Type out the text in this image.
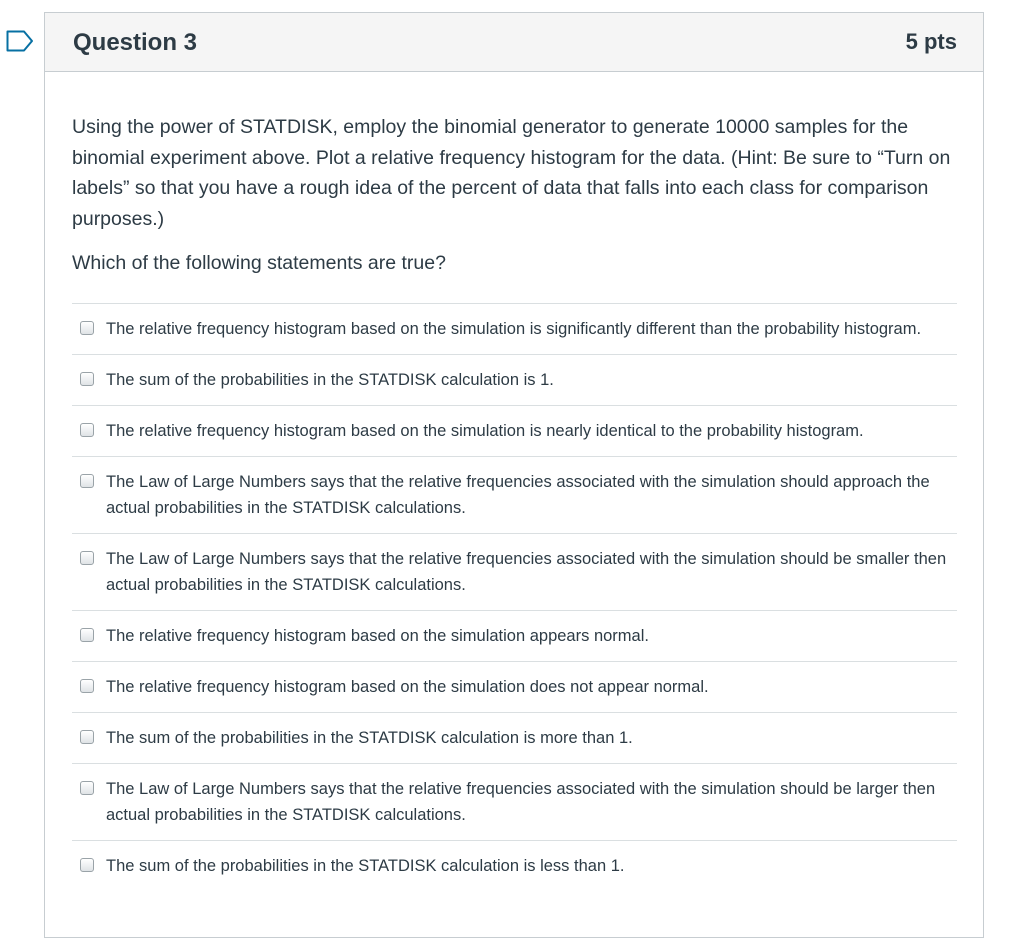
Question 3	5 pts

Using the power of STATDISK, employ the binomial generator to generate 10000 samples for the binomial experiment above. Plot a relative frequency histogram for the data. (Hint: Be sure to “Turn on labels” so that you have a rough idea of the percent of data that falls into each class for comparison purposes.)

Which of the following statements are true?

The relative frequency histogram based on the simulation is significantly different than the probability histogram.
The sum of the probabilities in the STATDISK calculation is 1.
The relative frequency histogram based on the simulation is nearly identical to the probability histogram.
The Law of Large Numbers says that the relative frequencies associated with the simulation should approach the actual probabilities in the STATDISK calculations.
The Law of Large Numbers says that the relative frequencies associated with the simulation should be smaller then actual probabilities in the STATDISK calculations.
The relative frequency histogram based on the simulation appears normal.
The relative frequency histogram based on the simulation does not appear normal.
The sum of the probabilities in the STATDISK calculation is more than 1.
The Law of Large Numbers says that the relative frequencies associated with the simulation should be larger then actual probabilities in the STATDISK calculations.
The sum of the probabilities in the STATDISK calculation is less than 1.
